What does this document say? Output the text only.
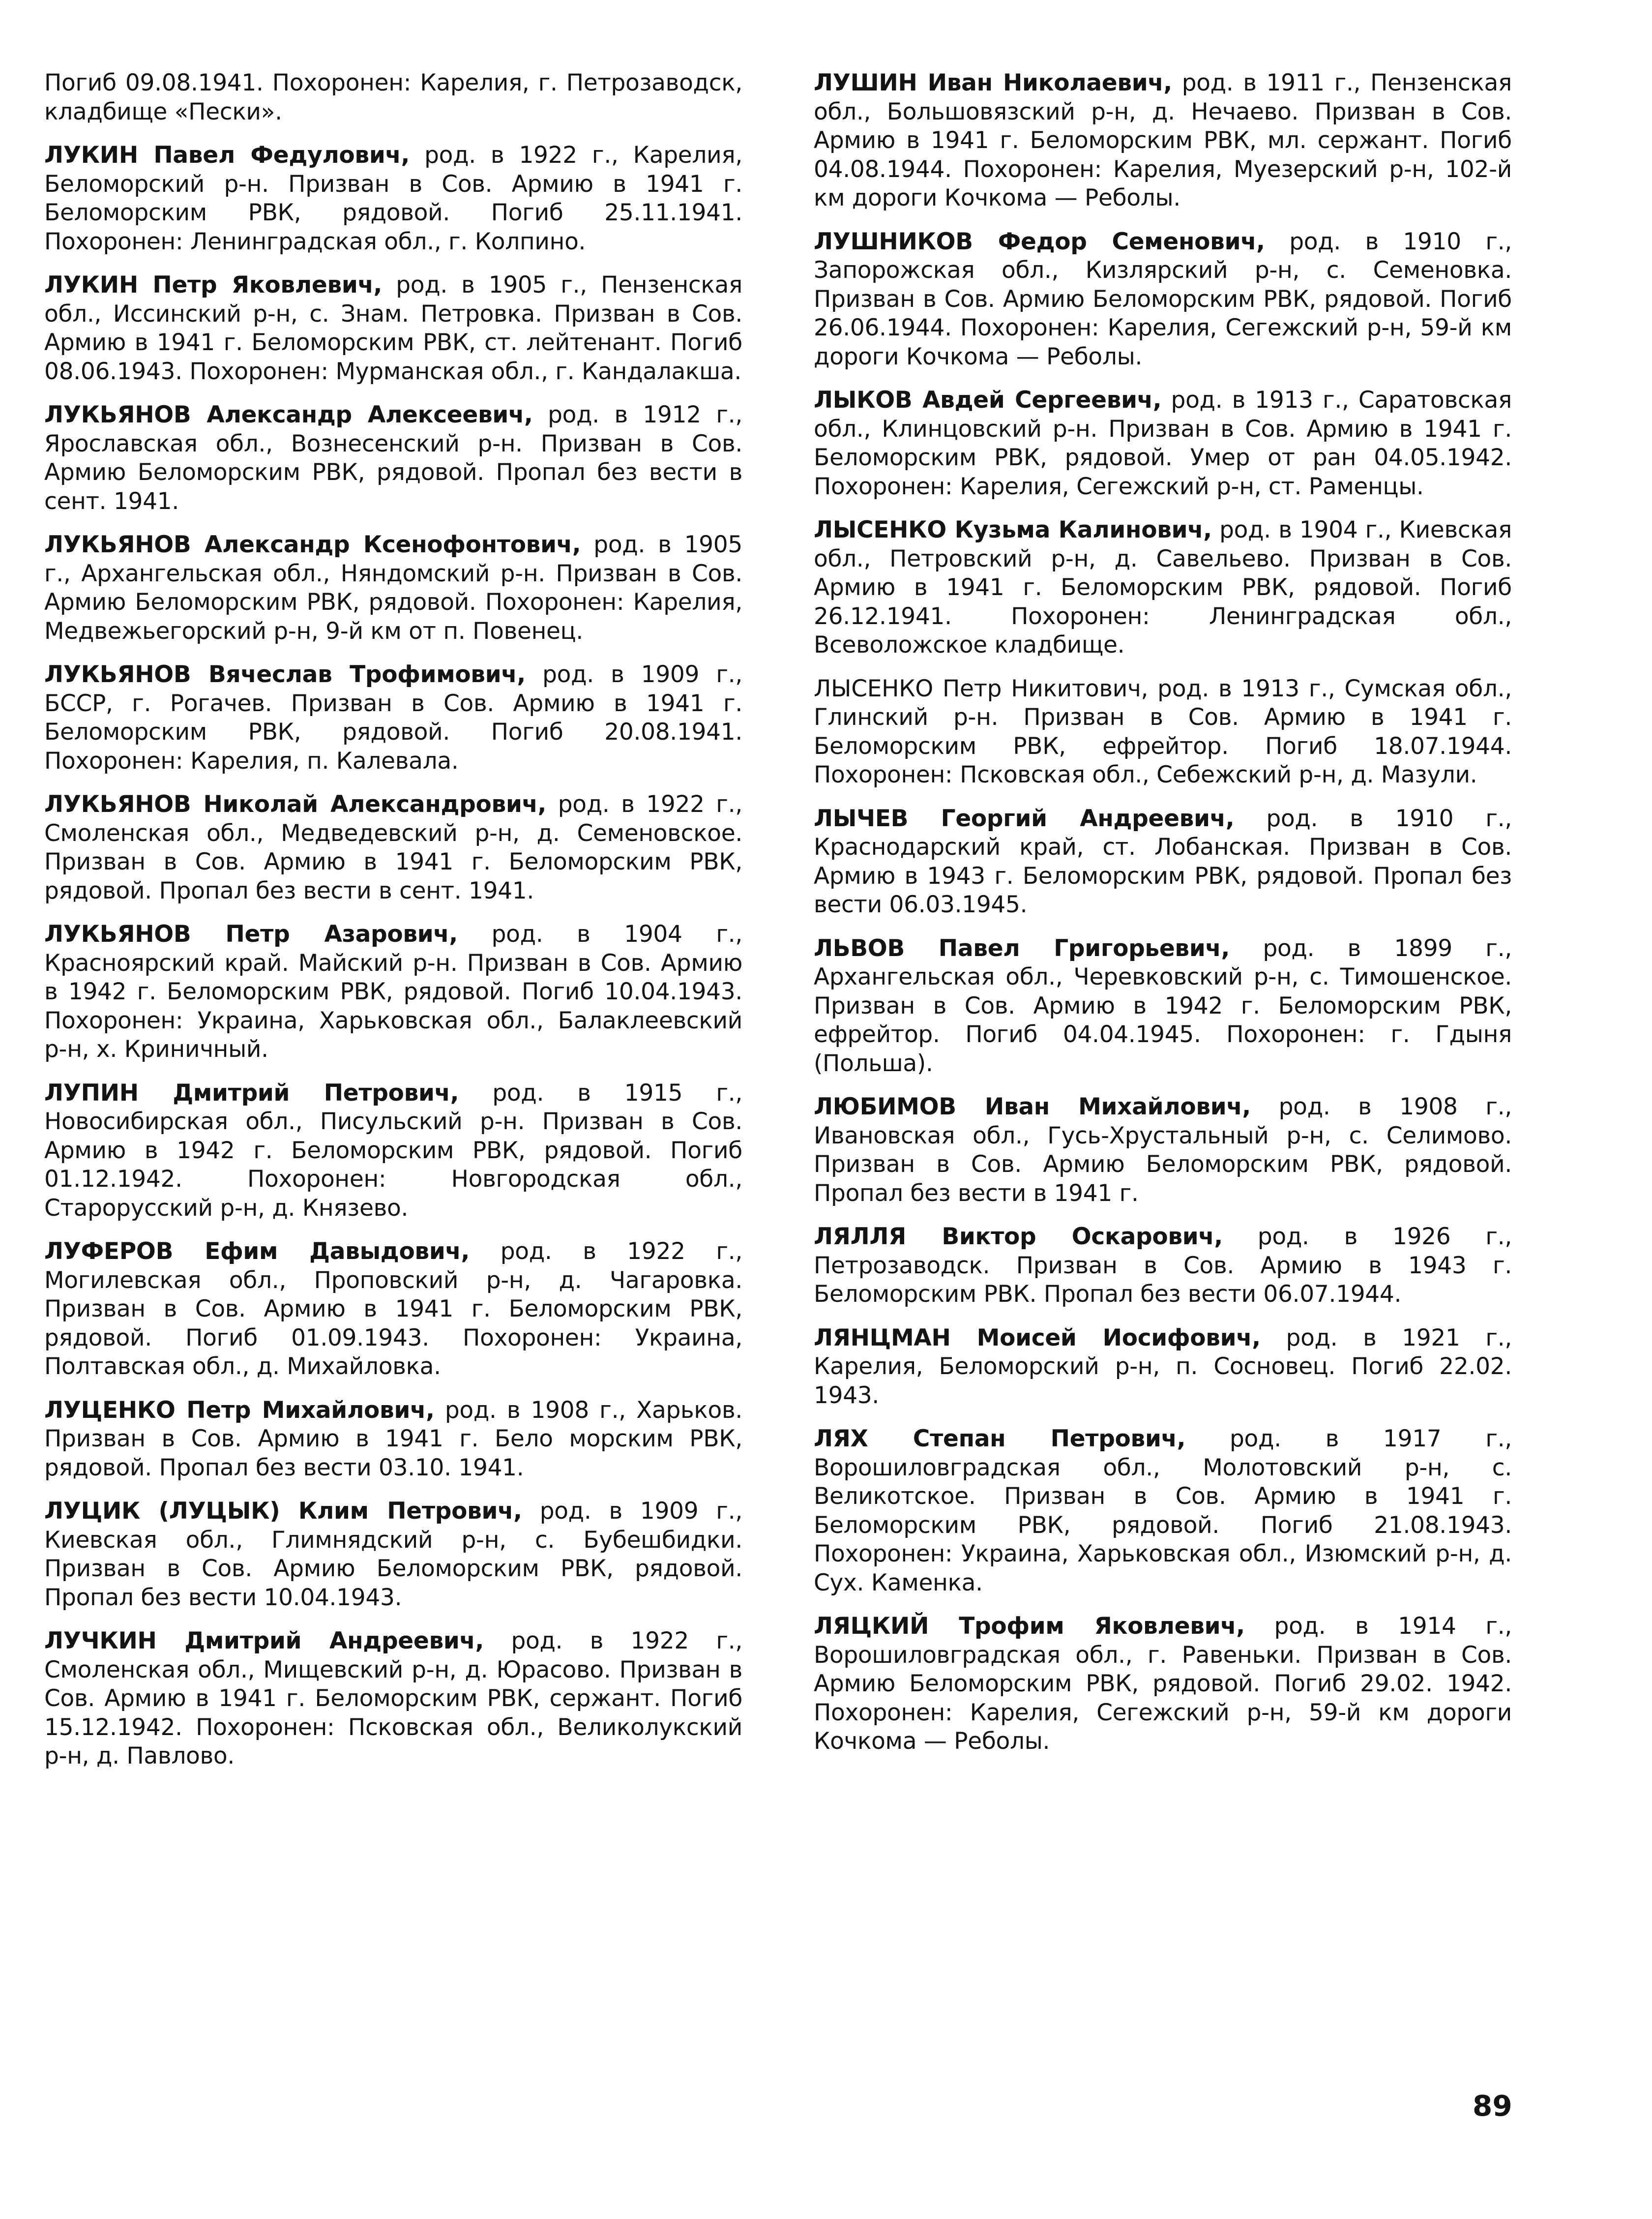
Погиб 09.08.1941. Похоронен: Карелия, г. Петрозаводск, кладбище «Пески».

ЛУКИН Павел Федулович, род. в 1922 г., Карелия, Беломорский р-н. Призван в Сов. Армию в 1941 г. Беломорским РВК, рядовой. Погиб 25.11.1941. Похоронен: Ленинградская обл., г. Колпино.

ЛУКИН Петр Яковлевич, род. в 1905 г., Пензенская обл., Иссинский р-н, с. Знам. Петровка. Призван в Сов. Армию в 1941 г. Беломорским РВК, ст. лейтенант. Погиб 08.06.1943. Похоронен: Мурманская обл., г. Кандалакша.

ЛУКЬЯНОВ Александр Алексеевич, род. в 1912 г., Ярославская обл., Вознесенский р-н. Призван в Сов. Армию Беломорским РВК, рядовой. Пропал без вести в сент. 1941.

ЛУКЬЯНОВ Александр Ксенофонтович, род. в 1905 г., Архангельская обл., Няндомский р-н. Призван в Сов. Армию Беломорским РВК, рядовой. Похоронен: Карелия, Медвежьегорский р-н, 9-й км от п. Повенец.

ЛУКЬЯНОВ Вячеслав Трофимович, род. в 1909 г., БССР, г. Рогачев. Призван в Сов. Армию в 1941 г. Беломорским РВК, рядовой. Погиб 20.08.1941. Похоронен: Карелия, п. Калевала.

ЛУКЬЯНОВ Николай Александрович, род. в 1922 г., Смоленская обл., Медведевский р-н, д. Семеновское. Призван в Сов. Армию в 1941 г. Беломорским РВК, рядовой. Пропал без вести в сент. 1941.

ЛУКЬЯНОВ Петр Азарович, род. в 1904 г., Красноярский край. Майский р-н. Призван в Сов. Армию в 1942 г. Беломорским РВК, рядовой. Погиб 10.04.1943. Похоронен: Украина, Харьковская обл., Балаклеевский р-н, х. Криничный.

ЛУПИН Дмитрий Петрович, род. в 1915 г., Новосибирская обл., Писульский р-н. Призван в Сов. Армию в 1942 г. Беломорским РВК, рядовой. Погиб 01.12.1942. Похоронен: Новгородская обл., Старорусский р-н, д. Князево.

ЛУФЕРОВ Ефим Давыдович, род. в 1922 г., Могилевская обл., Проповский р-н, д. Чагаровка. Призван в Сов. Армию в 1941 г. Беломорским РВК, рядовой. Погиб 01.09.1943. Похоронен: Украина, Полтавская обл., д. Михайловка.

ЛУЦЕНКО Петр Михайлович, род. в 1908 г., Харьков. Призван в Сов. Армию в 1941 г. Бело морским РВК, рядовой. Пропал без вести 03.10. 1941.

ЛУЦИК (ЛУЦЫК) Клим Петрович, род. в 1909 г., Киевская обл., Глимнядский р-н, с. Бубешбидки. Призван в Сов. Армию Беломорским РВК, рядовой. Пропал без вести 10.04.1943.

ЛУЧКИН Дмитрий Андреевич, род. в 1922 г., Смоленская обл., Мищевский р-н, д. Юрасово. Призван в Сов. Армию в 1941 г. Беломорским РВК, сержант. Погиб 15.12.1942. Похоронен: Псковская обл., Великолукский р-н, д. Павлово.

ЛУШИН Иван Николаевич, род. в 1911 г., Пензенская обл., Большовязский р-н, д. Нечаево. Призван в Сов. Армию в 1941 г. Беломорским РВК, мл. сержант. Погиб 04.08.1944. Похоронен: Карелия, Муезерский р-н, 102-й км дороги Кочкома — Реболы.

ЛУШНИКОВ Федор Семенович, род. в 1910 г., Запорожская обл., Кизлярский р-н, с. Семеновка. Призван в Сов. Армию Беломорским РВК, рядовой. Погиб 26.06.1944. Похоронен: Карелия, Сегежский р-н, 59-й км дороги Кочкома — Реболы.

ЛЫКОВ Авдей Сергеевич, род. в 1913 г., Саратовская обл., Клинцовский р-н. Призван в Сов. Армию в 1941 г. Беломорским РВК, рядовой. Умер от ран 04.05.1942. Похоронен: Карелия, Сегежский р-н, ст. Раменцы.

ЛЫСЕНКО Кузьма Калинович, род. в 1904 г., Киевская обл., Петровский р-н, д. Савельево. Призван в Сов. Армию в 1941 г. Беломорским РВК, рядовой. Погиб 26.12.1941. Похоронен: Ленинградская обл., Всеволожское кладбище.

ЛЫСЕНКО Петр Никитович, род. в 1913 г., Сумская обл., Глинский р-н. Призван в Сов. Армию в 1941 г. Беломорским РВК, ефрейтор. Погиб 18.07.1944. Похоронен: Псковская обл., Себежский р-н, д. Мазули.

ЛЫЧЕВ Георгий Андреевич, род. в 1910 г., Краснодарский край, ст. Лобанская. Призван в Сов. Армию в 1943 г. Беломорским РВК, рядовой. Пропал без вести 06.03.1945.

ЛЬВОВ Павел Григорьевич, род. в 1899 г., Архангельская обл., Черевковский р-н, с. Тимошенское. Призван в Сов. Армию в 1942 г. Беломорским РВК, ефрейтор. Погиб 04.04.1945. Похоронен: г. Гдыня (Польша).

ЛЮБИМОВ Иван Михайлович, род. в 1908 г., Ивановская обл., Гусь-Хрустальный р-н, с. Селимово. Призван в Сов. Армию Беломорским РВК, рядовой. Пропал без вести в 1941 г.

ЛЯЛЛЯ Виктор Оскарович, род. в 1926 г., Петрозаводск. Призван в Сов. Армию в 1943 г. Беломорским РВК. Пропал без вести 06.07.1944.

ЛЯНЦМАН Моисей Иосифович, род. в 1921 г., Карелия, Беломорский р-н, п. Сосновец. Погиб 22.02. 1943.

ЛЯХ Степан Петрович, род. в 1917 г., Ворошиловградская обл., Молотовский р-н, с. Великотское. Призван в Сов. Армию в 1941 г. Беломорским РВК, рядовой. Погиб 21.08.1943. Похоронен: Украина, Харьковская обл., Изюмский р-н, д. Сух. Каменка.

ЛЯЦКИЙ Трофим Яковлевич, род. в 1914 г., Ворошиловградская обл., г. Равеньки. Призван в Сов. Армию Беломорским РВК, рядовой. Погиб 29.02. 1942. Похоронен: Карелия, Сегежский р-н, 59-й км дороги Кочкома — Реболы.

89
